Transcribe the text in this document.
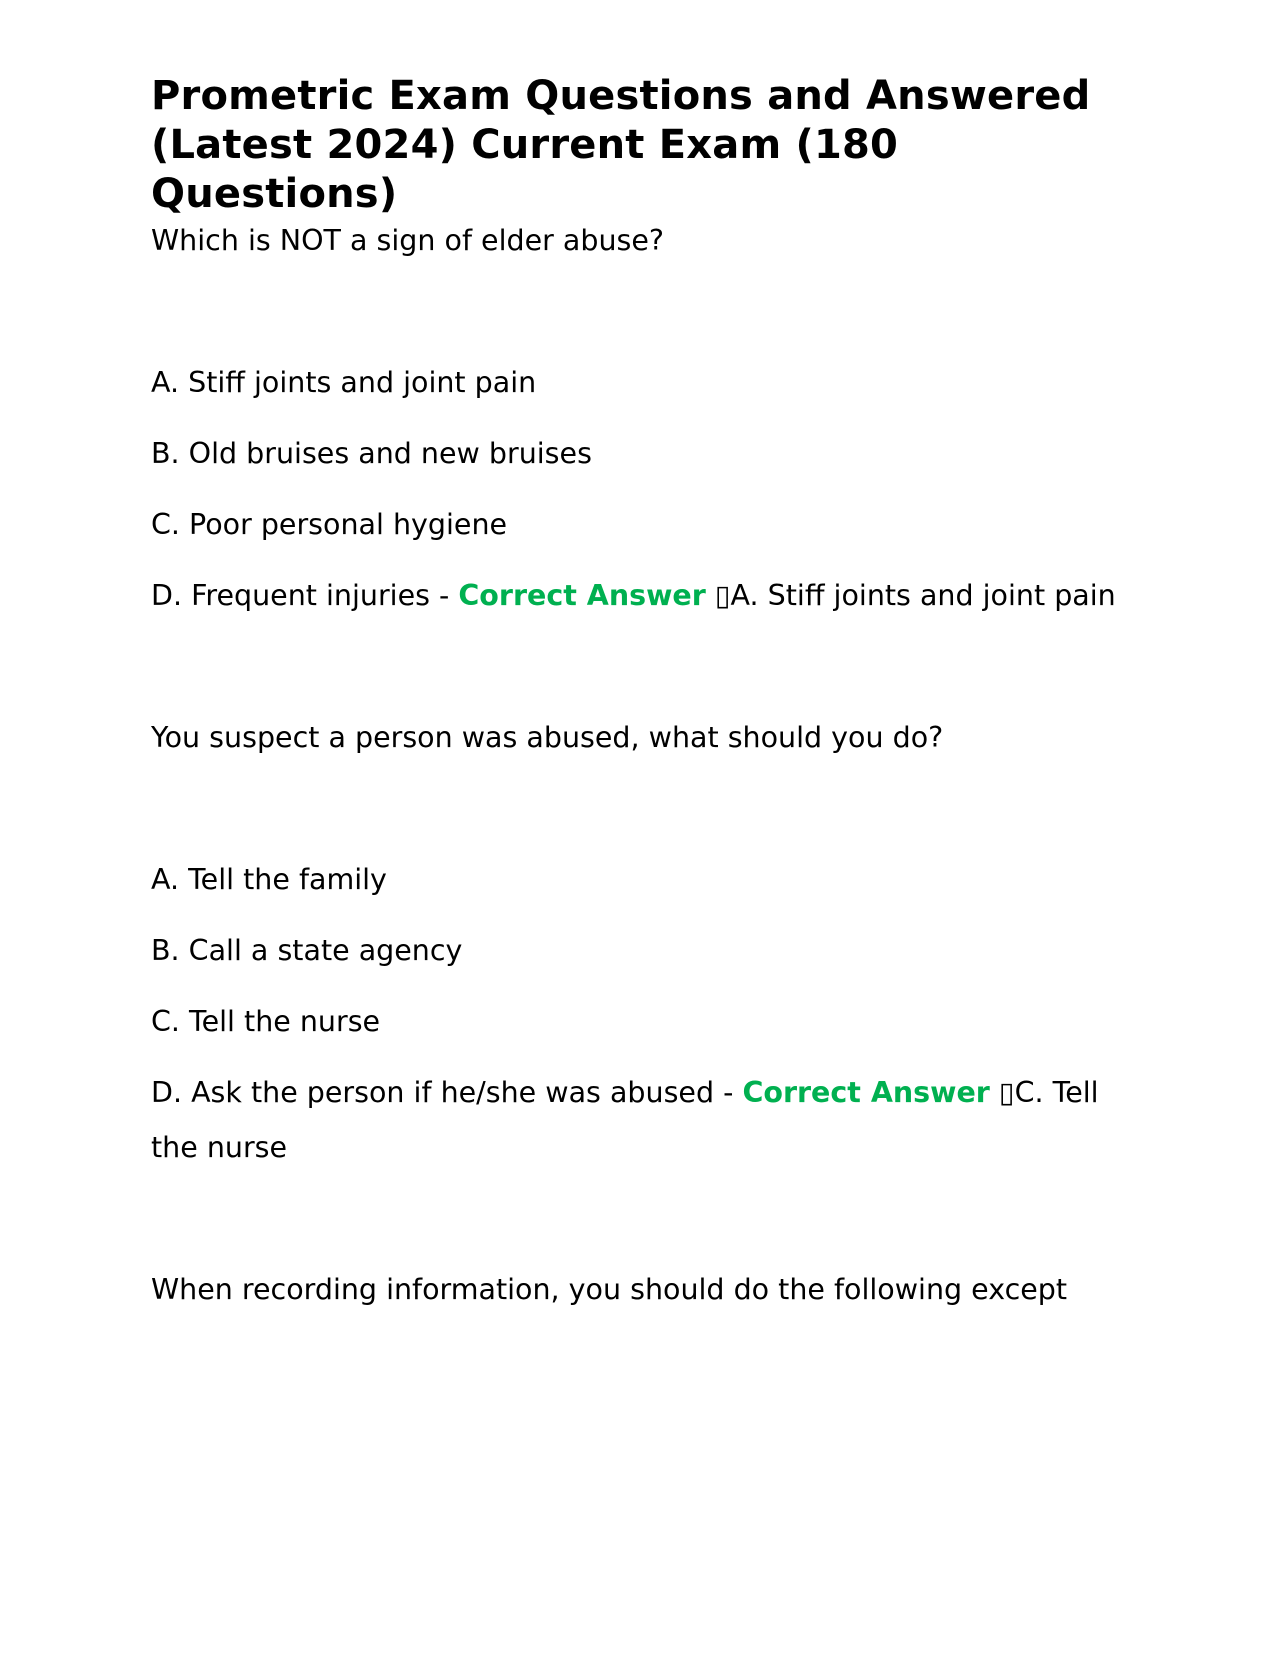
Prometric Exam Questions and Answered (Latest 2024) Current Exam (180 Questions)

Which is NOT a sign of elder abuse?

A. Stiff joints and joint pain

B. Old bruises and new bruises

C. Poor personal hygiene

D. Frequent injuries - Correct Answer ▯A. Stiff joints and joint pain

You suspect a person was abused, what should you do?

A. Tell the family

B. Call a state agency

C. Tell the nurse

D. Ask the person if he/she was abused - Correct Answer ▯C. Tell the nurse

When recording information, you should do the following except
